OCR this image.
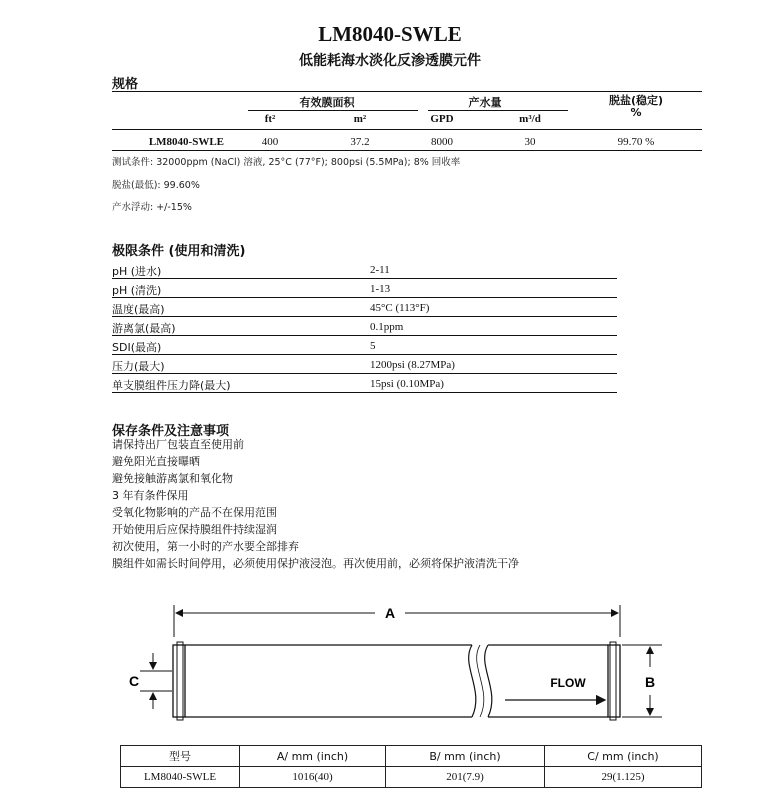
LM8040-SWLE
低能耗海水淡化反渗透膜元件
规格
有效膜面积	产水量	脱盐(稳定)
%
ft²	m²	GPD	m³/d
LM8040-SWLE	400	37.2	8000	30	99.70 %
测试条件: 32000ppm (NaCl) 溶液, 25°C (77°F); 800psi (5.5MPa); 8% 回收率
脱盐(最低): 99.60%
产水浮动: +/-15%
极限条件 (使用和清洗)
pH (进水)	2-11
pH (清洗)	1-13
温度(最高)	45°C (113°F)
游离氯(最高)	0.1ppm
SDI(最高)	5
压力(最大)	1200psi (8.27MPa)
单支膜组件压力降(最大)	15psi (0.10MPa)
保存条件及注意事项
请保持出厂包装直至使用前
避免阳光直接曝晒
避免接触游离氯和氧化物
3 年有条件保用
受氧化物影响的产品不在保用范围
开始使用后应保持膜组件持续湿润
初次使用，第一小时的产水要全部排弃
膜组件如需长时间停用，必须使用保护液浸泡。再次使用前，必须将保护液清洗干净
A
FLOW	B
C
型号	A/ mm (inch)	B/ mm (inch)	C/ mm (inch)
LM8040-SWLE	1016(40)	201(7.9)	29(1.125)
